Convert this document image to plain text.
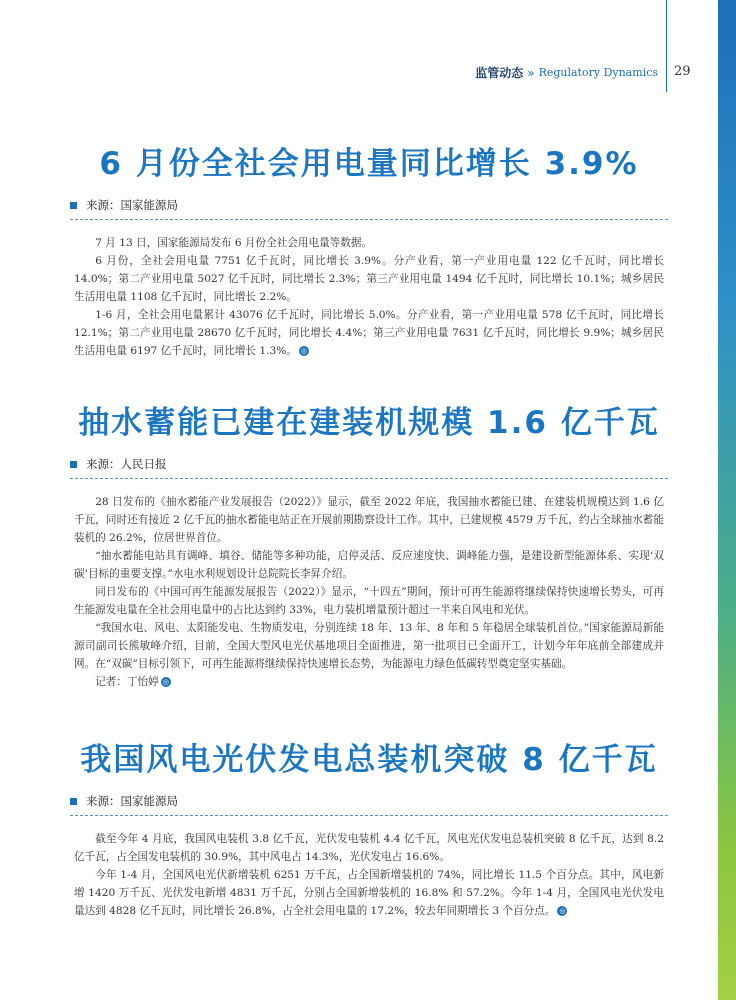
监管动态 » Regulatory Dynamics 29
6 月份全社会用电量同比增长 3.9%
来源：国家能源局

7 月 13 日，国家能源局发布 6 月份全社会用电量等数据。

6 月份，全社会用电量 7751 亿千瓦时，同比增长 3.9%。分产业看，第一产业用电量 122 亿千瓦时，同比增长 14.0%；第二产业用电量 5027 亿千瓦时，同比增长 2.3%；第三产业用电量 1494 亿千瓦时，同比增长 10.1%；城乡居民生活用电量 1108 亿千瓦时，同比增长 2.2%。

1-6 月，全社会用电量累计 43076 亿千瓦时，同比增长 5.0%。分产业看，第一产业用电量 578 亿千瓦时，同比增长 12.1%；第二产业用电量 28670 亿千瓦时，同比增长 4.4%；第三产业用电量 7631 亿千瓦时，同比增长 9.9%；城乡居民生活用电量 6197 亿千瓦时，同比增长 1.3%。 ◎

抽水蓄能已建在建装机规模 1.6 亿千瓦
来源：人民日报

28 日发布的《抽水蓄能产业发展报告（2022）》显示，截至 2022 年底，我国抽水蓄能已建、在建装机规模达到 1.6 亿千瓦，同时还有接近 2 亿千瓦的抽水蓄能电站正在开展前期勘察设计工作。其中，已建规模 4579 万千瓦，约占全球抽水蓄能装机的 26.2%，位居世界首位。

“抽水蓄能电站具有调峰、填谷、储能等多种功能，启停灵活、反应速度快、调峰能力强，是建设新型能源体系、实现‘双碳’目标的重要支撑。”水电水利规划设计总院院长李昇介绍。

同日发布的《中国可再生能源发展报告（2022）》显示，“十四五”期间，预计可再生能源将继续保持快速增长势头，可再生能源发电量在全社会用电量中的占比达到约 33%，电力装机增量预计超过一半来自风电和光伏。

“我国水电、风电、太阳能发电、生物质发电，分别连续 18 年、13 年、8 年和 5 年稳居全球装机首位。”国家能源局新能源司副司长熊敏峰介绍，目前，全国大型风电光伏基地项目全面推进，第一批项目已全面开工，计划今年年底前全部建成并网。在“双碳”目标引领下，可再生能源将继续保持快速增长态势，为能源电力绿色低碳转型奠定坚实基础。

记者：丁怡婷 ◎

我国风电光伏发电总装机突破 8 亿千瓦
来源：国家能源局

截至今年 4 月底，我国风电装机 3.8 亿千瓦，光伏发电装机 4.4 亿千瓦，风电光伏发电总装机突破 8 亿千瓦，达到 8.2 亿千瓦，占全国发电装机的 30.9%，其中风电占 14.3%，光伏发电占 16.6%。

今年 1-4 月，全国风电光伏新增装机 6251 万千瓦，占全国新增装机的 74%，同比增长 11.5 个百分点。其中，风电新增 1420 万千瓦、光伏发电新增 4831 万千瓦，分别占全国新增装机的 16.8% 和 57.2%。今年 1-4 月，全国风电光伏发电量达到 4828 亿千瓦时，同比增长 26.8%，占全社会用电量的 17.2%，较去年同期增长 3 个百分点。 ◎
